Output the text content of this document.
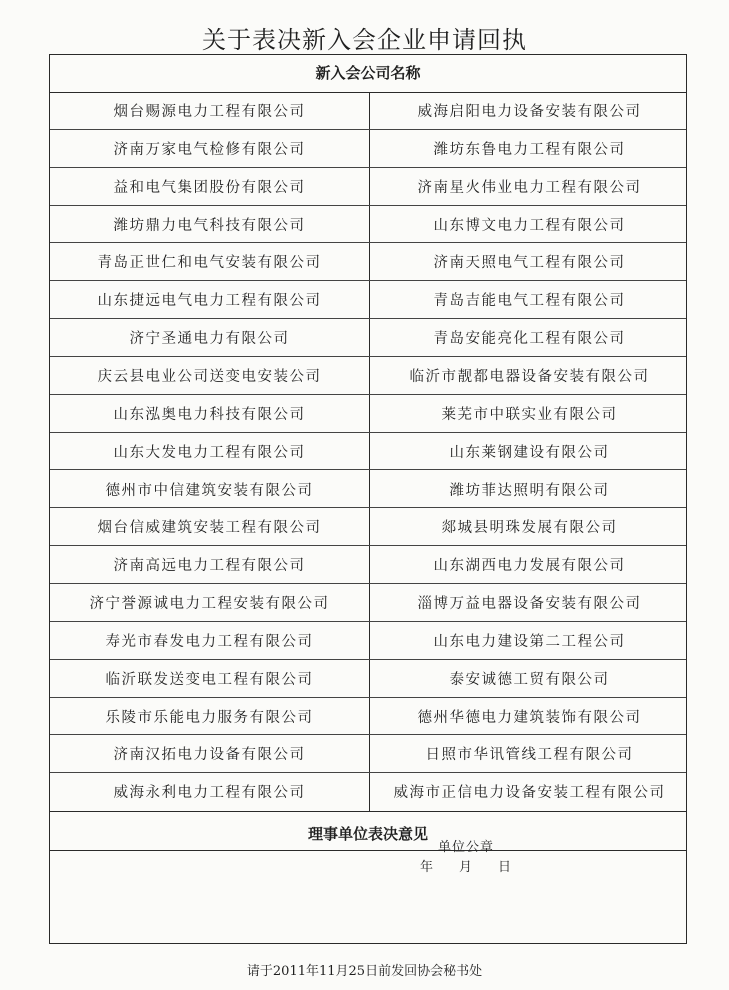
关于表决新入会企业申请回执
新入会公司名称
烟台赐源电力工程有限公司	威海启阳电力设备安装有限公司
济南万家电气检修有限公司	潍坊东鲁电力工程有限公司
益和电气集团股份有限公司	济南星火伟业电力工程有限公司
潍坊鼎力电气科技有限公司	山东博文电力工程有限公司
青岛正世仁和电气安装有限公司	济南天照电气工程有限公司
山东捷远电气电力工程有限公司	青岛吉能电气工程有限公司
济宁圣通电力有限公司	青岛安能亮化工程有限公司
庆云县电业公司送变电安装公司	临沂市靓都电器设备安装有限公司
山东泓奥电力科技有限公司	莱芜市中联实业有限公司
山东大发电力工程有限公司	山东莱钢建设有限公司
德州市中信建筑安装有限公司	潍坊菲达照明有限公司
烟台信威建筑安装工程有限公司	郯城县明珠发展有限公司
济南高远电力工程有限公司	山东湖西电力发展有限公司
济宁誉源诚电力工程安装有限公司	淄博万益电器设备安装有限公司
寿光市春发电力工程有限公司	山东电力建设第二工程公司
临沂联发送变电工程有限公司	泰安诚德工贸有限公司
乐陵市乐能电力服务有限公司	德州华德电力建筑装饰有限公司
济南汉拓电力设备有限公司	日照市华讯管线工程有限公司
威海永利电力工程有限公司	威海市正信电力设备安装工程有限公司
理事单位表决意见
单位公章
年　　月　　日
请于2011年11月25日前发回协会秘书处
